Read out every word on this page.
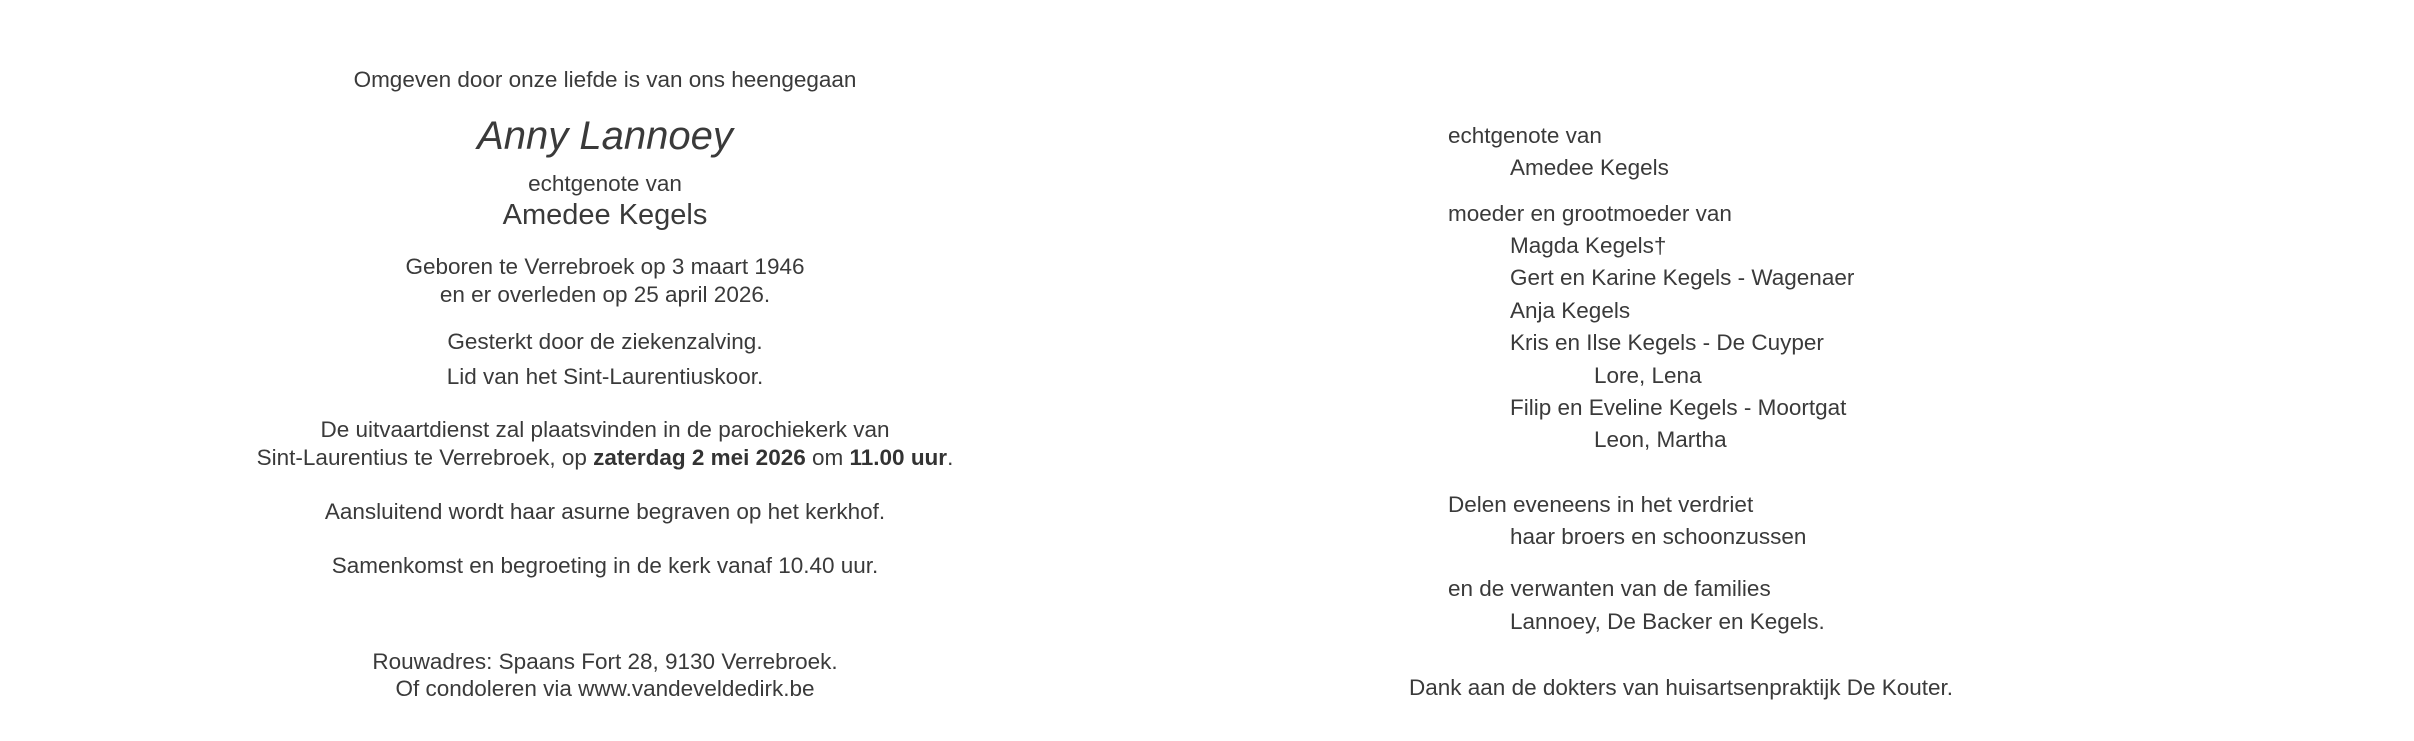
Omgeven door onze liefde is van ons heengegaan
Anny Lannoey
echtgenote van
Amedee Kegels
Geboren te Verrebroek op 3 maart 1946
en er overleden op 25 april 2026.
Gesterkt door de ziekenzalving.
Lid van het Sint-Laurentiuskoor.
De uitvaartdienst zal plaatsvinden in de parochiekerk van
Sint-Laurentius te Verrebroek, op zaterdag 2 mei 2026 om 11.00 uur.
Aansluitend wordt haar asurne begraven op het kerkhof.
Samenkomst en begroeting in de kerk vanaf 10.40 uur.
Rouwadres: Spaans Fort 28, 9130 Verrebroek.
Of condoleren via www.vandeveldedirk.be
echtgenote van
Amedee Kegels
moeder en grootmoeder van
Magda Kegels†
Gert en Karine Kegels - Wagenaer
Anja Kegels
Kris en Ilse Kegels - De Cuyper
Lore, Lena
Filip en Eveline Kegels - Moortgat
Leon, Martha
Delen eveneens in het verdriet
haar broers en schoonzussen
en de verwanten van de families
Lannoey, De Backer en Kegels.
Dank aan de dokters van huisartsenpraktijk De Kouter.
